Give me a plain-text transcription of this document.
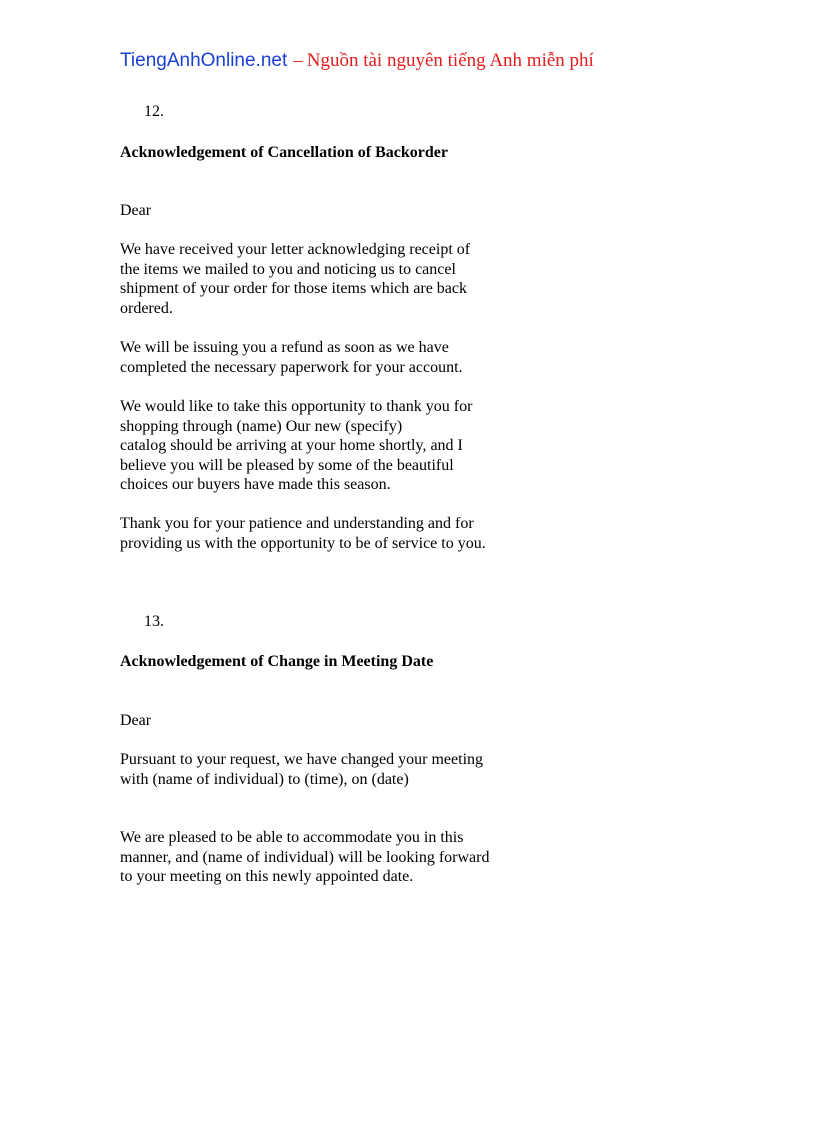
TiengAnhOnline.net – Nguồn tài nguyên tiếng Anh miễn phí

12.

Acknowledgement of Cancellation of Backorder

Dear

We have received your letter acknowledging receipt of
the items we mailed to you and noticing us to cancel
shipment of your order for those items which are back
ordered.
We will be issuing you a refund as soon as we have
completed the necessary paperwork for your account.
We would like to take this opportunity to thank you for
shopping through (name) Our new (specify)
catalog should be arriving at your home shortly, and I
believe you will be pleased by some of the beautiful
choices our buyers have made this season.
Thank you for your patience and understanding and for
providing us with the opportunity to be of service to you.

13.

Acknowledgement of Change in Meeting Date

Dear

Pursuant to your request, we have changed your meeting
with (name of individual) to (time), on (date)
We are pleased to be able to accommodate you in this
manner, and (name of individual) will be looking forward
to your meeting on this newly appointed date.
